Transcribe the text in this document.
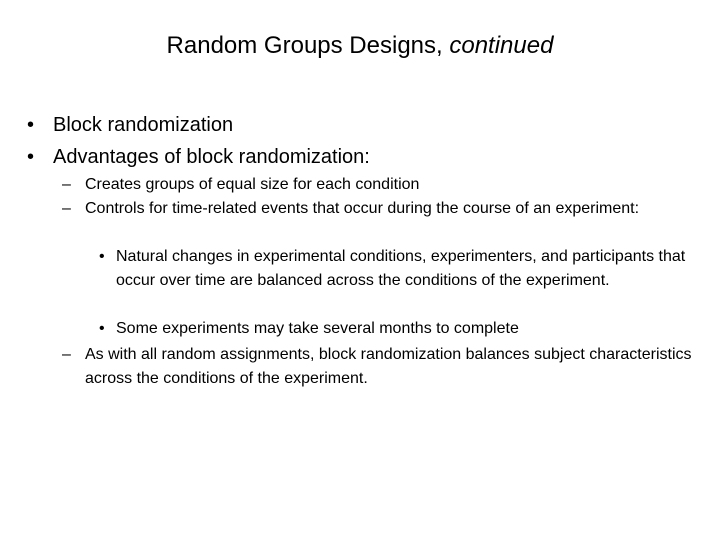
Random Groups Designs, continued
• Block randomization
• Advantages of block randomization:
– Creates groups of equal size for each condition
– Controls for time-related events that occur during the course of an experiment:
• Natural changes in experimental conditions, experimenters, and participants that occur over time are balanced across the conditions of the experiment.
• Some experiments may take several months to complete
– As with all random assignments, block randomization balances subject characteristics across the conditions of the experiment.
